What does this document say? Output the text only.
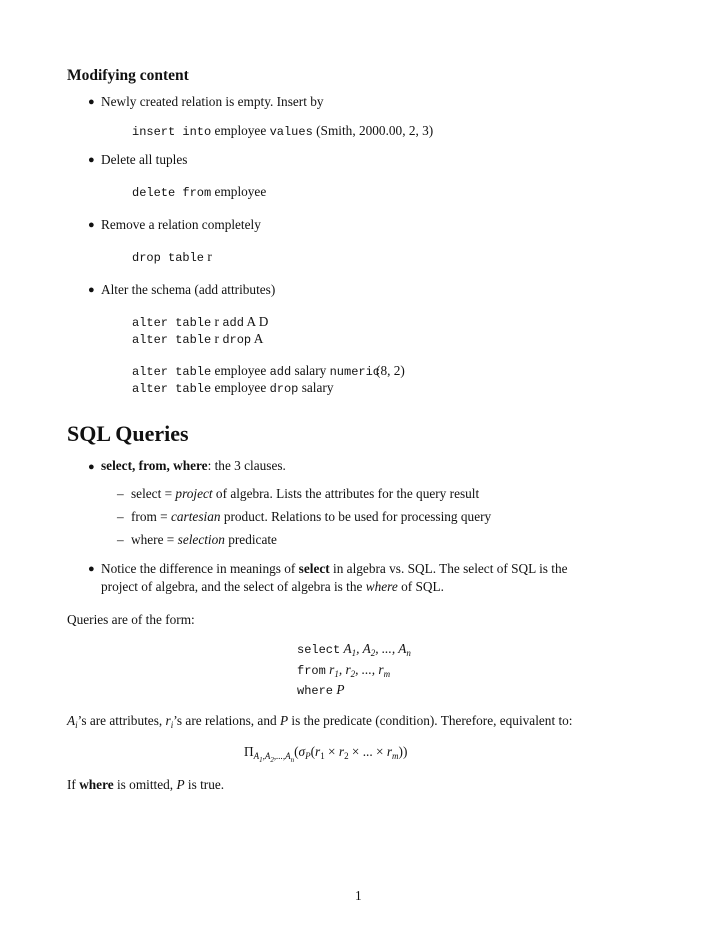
Modifying content
● Newly created relation is empty. Insert by
insert into employee values (Smith, 2000.00, 2, 3)
● Delete all tuples
delete from employee
● Remove a relation completely
drop table r
● Alter the schema (add attributes)
alter table r add A D
alter table r drop A
alter table employee add salary numeric(8, 2)
alter table employee drop salary
SQL Queries
● select, from, where: the 3 clauses.
– select = project of algebra. Lists the attributes for the query result
– from = cartesian product. Relations to be used for processing query
– where = selection predicate
● Notice the difference in meanings of select in algebra vs. SQL. The select of SQL is the
project of algebra, and the select of algebra is the where of SQL.
Queries are of the form:
select $A_1$, $A_2$, ..., $A_n$
from $r_1$, $r_2$, ..., $r_m$
where P
$A_i’s$ are attributes, $r_i’s$ are relations, and P is the predicate (condition). Therefore, equivalent to:
$\Pi_{A_1,A_2,...,A_n}(\sigma_P(r_1 \times r_2$ × ... × $r_m$))
If where is omitted, P is true.
1
